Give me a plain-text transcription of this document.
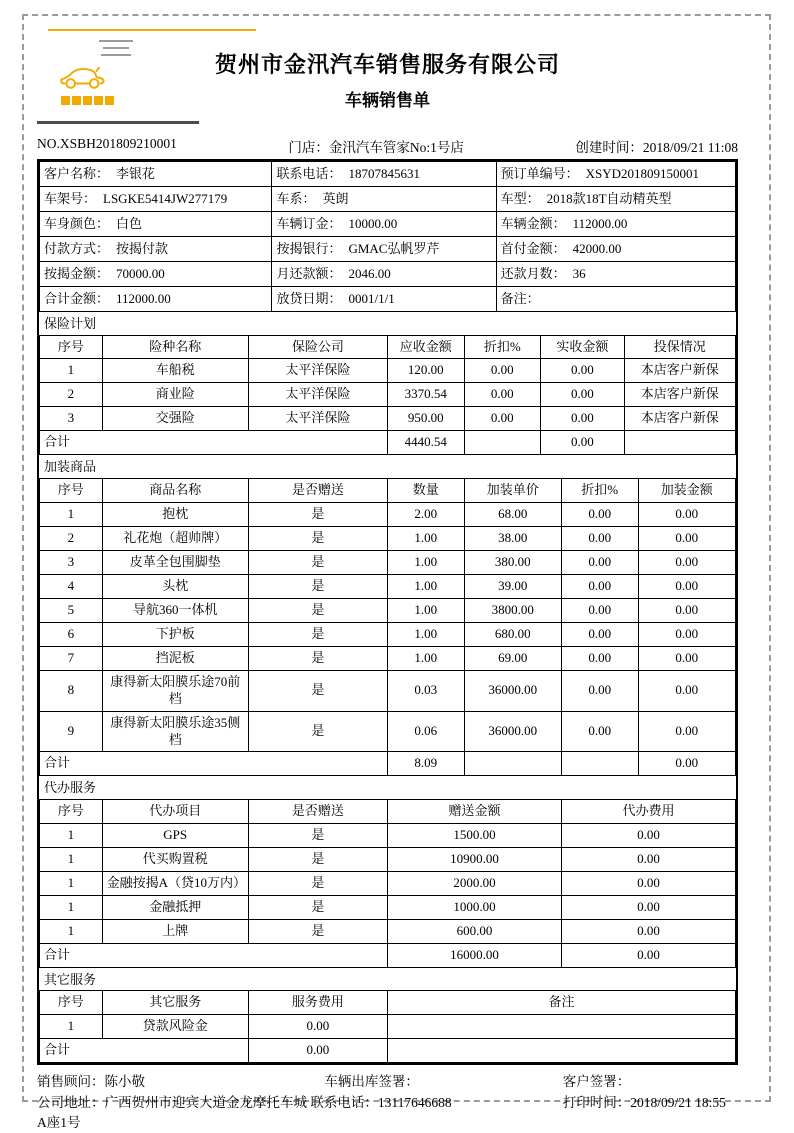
贺州市金汛汽车销售服务有限公司
车辆销售单
NO.XSBH201809210001	门店：金汛汽车管家No:1号店	创建时间：2018/09/21 11:08
客户名称： 李银花	联系电话： 18707845631	预订单编号： XSYD201809150001
车架号： LSGKE5414JW277179	车系： 英朗	车型： 2018款18T自动精英型
车身颜色： 白色	车辆订金： 10000.00	车辆金额： 112000.00
付款方式： 按揭付款	按揭银行： GMAC弘帆罗芹	首付金额： 42000.00
按揭金额： 70000.00	月还款额： 2046.00	还款月数： 36
合计金额： 112000.00	放贷日期： 0001/1/1	备注：
保险计划
序号	险种名称	保险公司	应收金额	折扣%	实收金额	投保情况
1	车船税	太平洋保险	120.00	0.00	0.00	本店客户新保
2	商业险	太平洋保险	3370.54	0.00	0.00	本店客户新保
3	交强险	太平洋保险	950.00	0.00	0.00	本店客户新保
合计			4440.54		0.00	
加装商品
序号	商品名称	是否赠送	数量	加装单价	折扣%	加装金额
1	抱枕	是	2.00	68.00	0.00	0.00
2	礼花炮（超帅牌）	是	1.00	38.00	0.00	0.00
3	皮革全包围脚垫	是	1.00	380.00	0.00	0.00
4	头枕	是	1.00	39.00	0.00	0.00
5	导航360一体机	是	1.00	3800.00	0.00	0.00
6	下护板	是	1.00	680.00	0.00	0.00
7	挡泥板	是	1.00	69.00	0.00	0.00
8	康得新太阳膜乐途70前档	是	0.03	36000.00	0.00	0.00
9	康得新太阳膜乐途35侧档	是	0.06	36000.00	0.00	0.00
合计			8.09			0.00
代办服务
序号	代办项目	是否赠送	赠送金额	代办费用
1	GPS	是	1500.00	0.00
1	代买购置税	是	10900.00	0.00
1	金融按揭A（贷10万内）	是	2000.00	0.00
1	金融抵押	是	1000.00	0.00
1	上牌	是	600.00	0.00
合计			16000.00	0.00
其它服务
序号	其它服务	服务费用	备注
1	贷款风险金	0.00	
合计		0.00	
销售顾问：陈小敬	车辆出库签署：	客户签署：
公司地址：广西贺州市迎宾大道金龙摩托车城 联系电话：13117646688	打印时间：2018/09/21 18:55
A座1号
